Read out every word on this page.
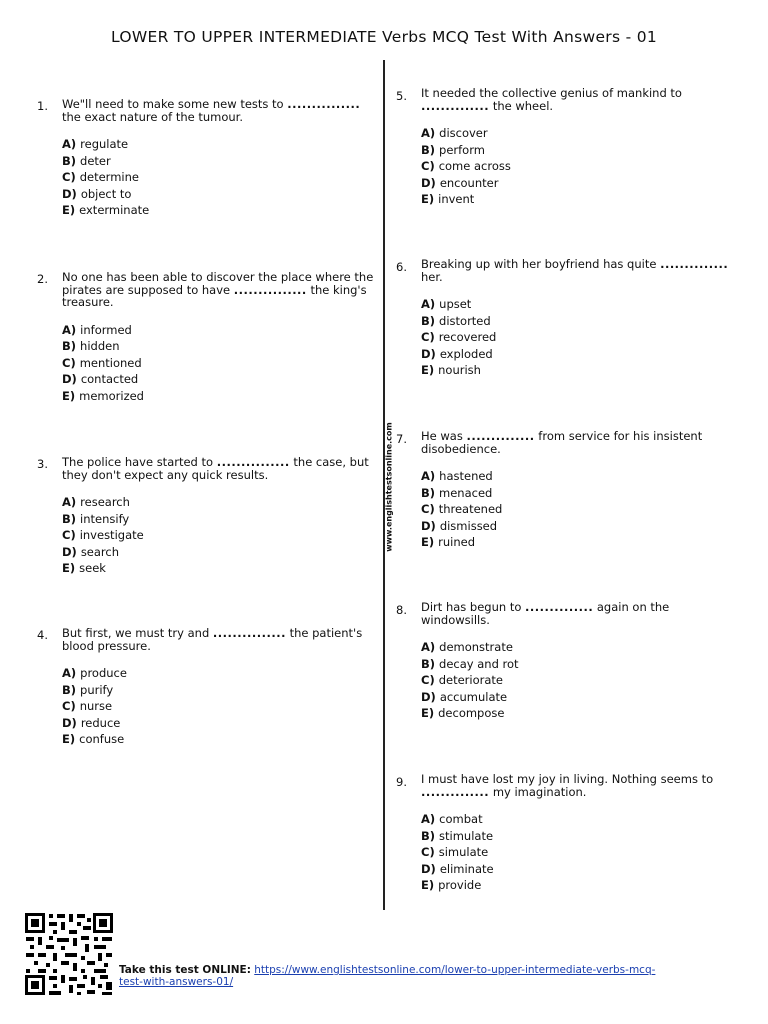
LOWER TO UPPER INTERMEDIATE Verbs MCQ Test With Answers - 01
www.englishtestsonline.com
1. We"ll need to make some new tests to ...............
the exact nature of the tumour.
A) regulate
B) deter
C) determine
D) object to
E) exterminate
2. No one has been able to discover the place where the
pirates are supposed to have ............... the king's
treasure.
A) informed
B) hidden
C) mentioned
D) contacted
E) memorized
3. The police have started to ............... the case, but
they don't expect any quick results.
A) research
B) intensify
C) investigate
D) search
E) seek
4. But first, we must try and ............... the patient's
blood pressure.
A) produce
B) purify
C) nurse
D) reduce
E) confuse
5. It needed the collective genius of mankind to
.............. the wheel.
A) discover
B) perform
C) come across
D) encounter
E) invent
6. Breaking up with her boyfriend has quite ..............
her.
A) upset
B) distorted
C) recovered
D) exploded
E) nourish
7. He was .............. from service for his insistent
disobedience.
A) hastened
B) menaced
C) threatened
D) dismissed
E) ruined
8. Dirt has begun to .............. again on the
windowsills.
A) demonstrate
B) decay and rot
C) deteriorate
D) accumulate
E) decompose
9. I must have lost my joy in living. Nothing seems to
.............. my imagination.
A) combat
B) stimulate
C) simulate
D) eliminate
E) provide
Take this test ONLINE: https://www.englishtestsonline.com/lower-to-upper-intermediate-verbs-mcq-test-with-answers-01/
